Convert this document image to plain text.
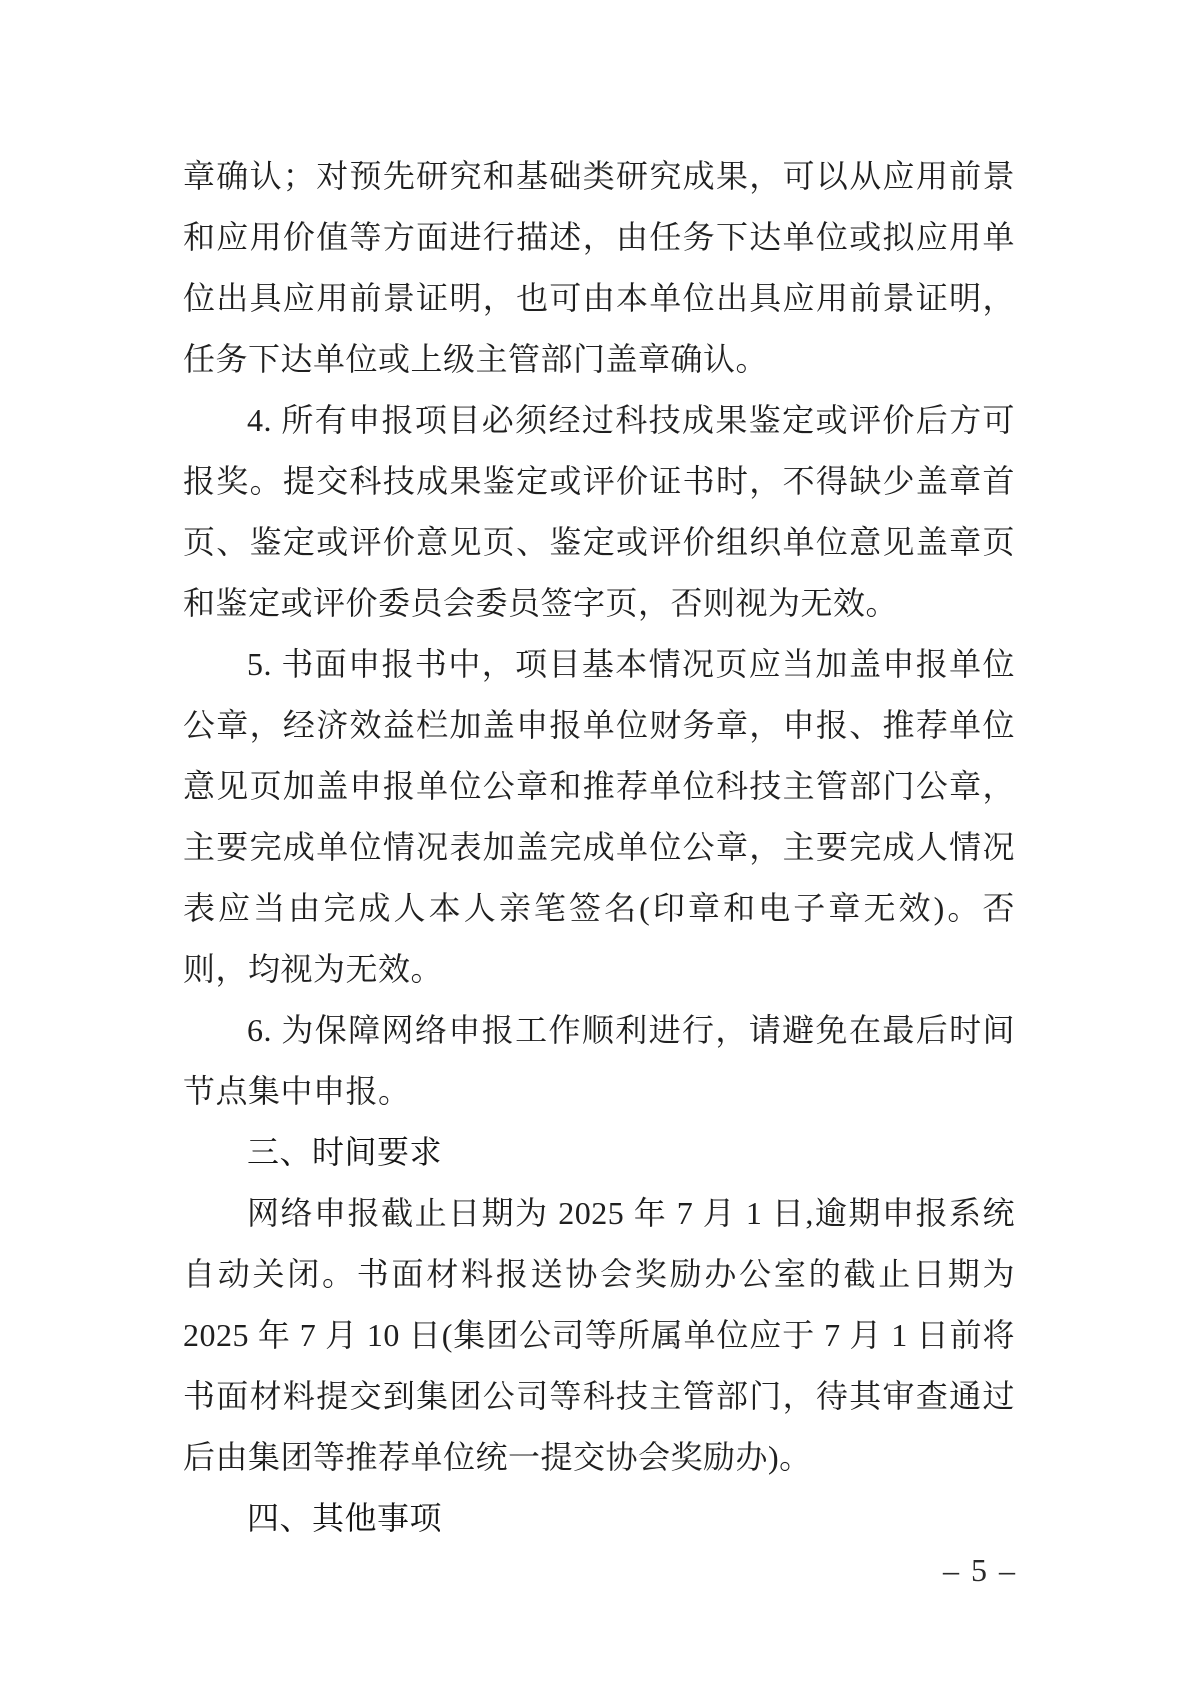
章确认；对预先研究和基础类研究成果，可以从应用前景和应用价值等方面进行描述，由任务下达单位或拟应用单位出具应用前景证明，也可由本单位出具应用前景证明，任务下达单位或上级主管部门盖章确认。

4. 所有申报项目必须经过科技成果鉴定或评价后方可报奖。提交科技成果鉴定或评价证书时，不得缺少盖章首页、鉴定或评价意见页、鉴定或评价组织单位意见盖章页和鉴定或评价委员会委员签字页，否则视为无效。

5. 书面申报书中，项目基本情况页应当加盖申报单位公章，经济效益栏加盖申报单位财务章，申报、推荐单位意见页加盖申报单位公章和推荐单位科技主管部门公章，主要完成单位情况表加盖完成单位公章，主要完成人情况表应当由完成人本人亲笔签名(印章和电子章无效)。否则，均视为无效。

6. 为保障网络申报工作顺利进行，请避免在最后时间节点集中申报。

三、时间要求

网络申报截止日期为 2025 年 7 月 1 日,逾期申报系统自动关闭。书面材料报送协会奖励办公室的截止日期为 2025 年 7 月 10 日(集团公司等所属单位应于 7 月 1 日前将书面材料提交到集团公司等科技主管部门，待其审查通过后由集团等推荐单位统一提交协会奖励办)。

四、其他事项
– 5 –
